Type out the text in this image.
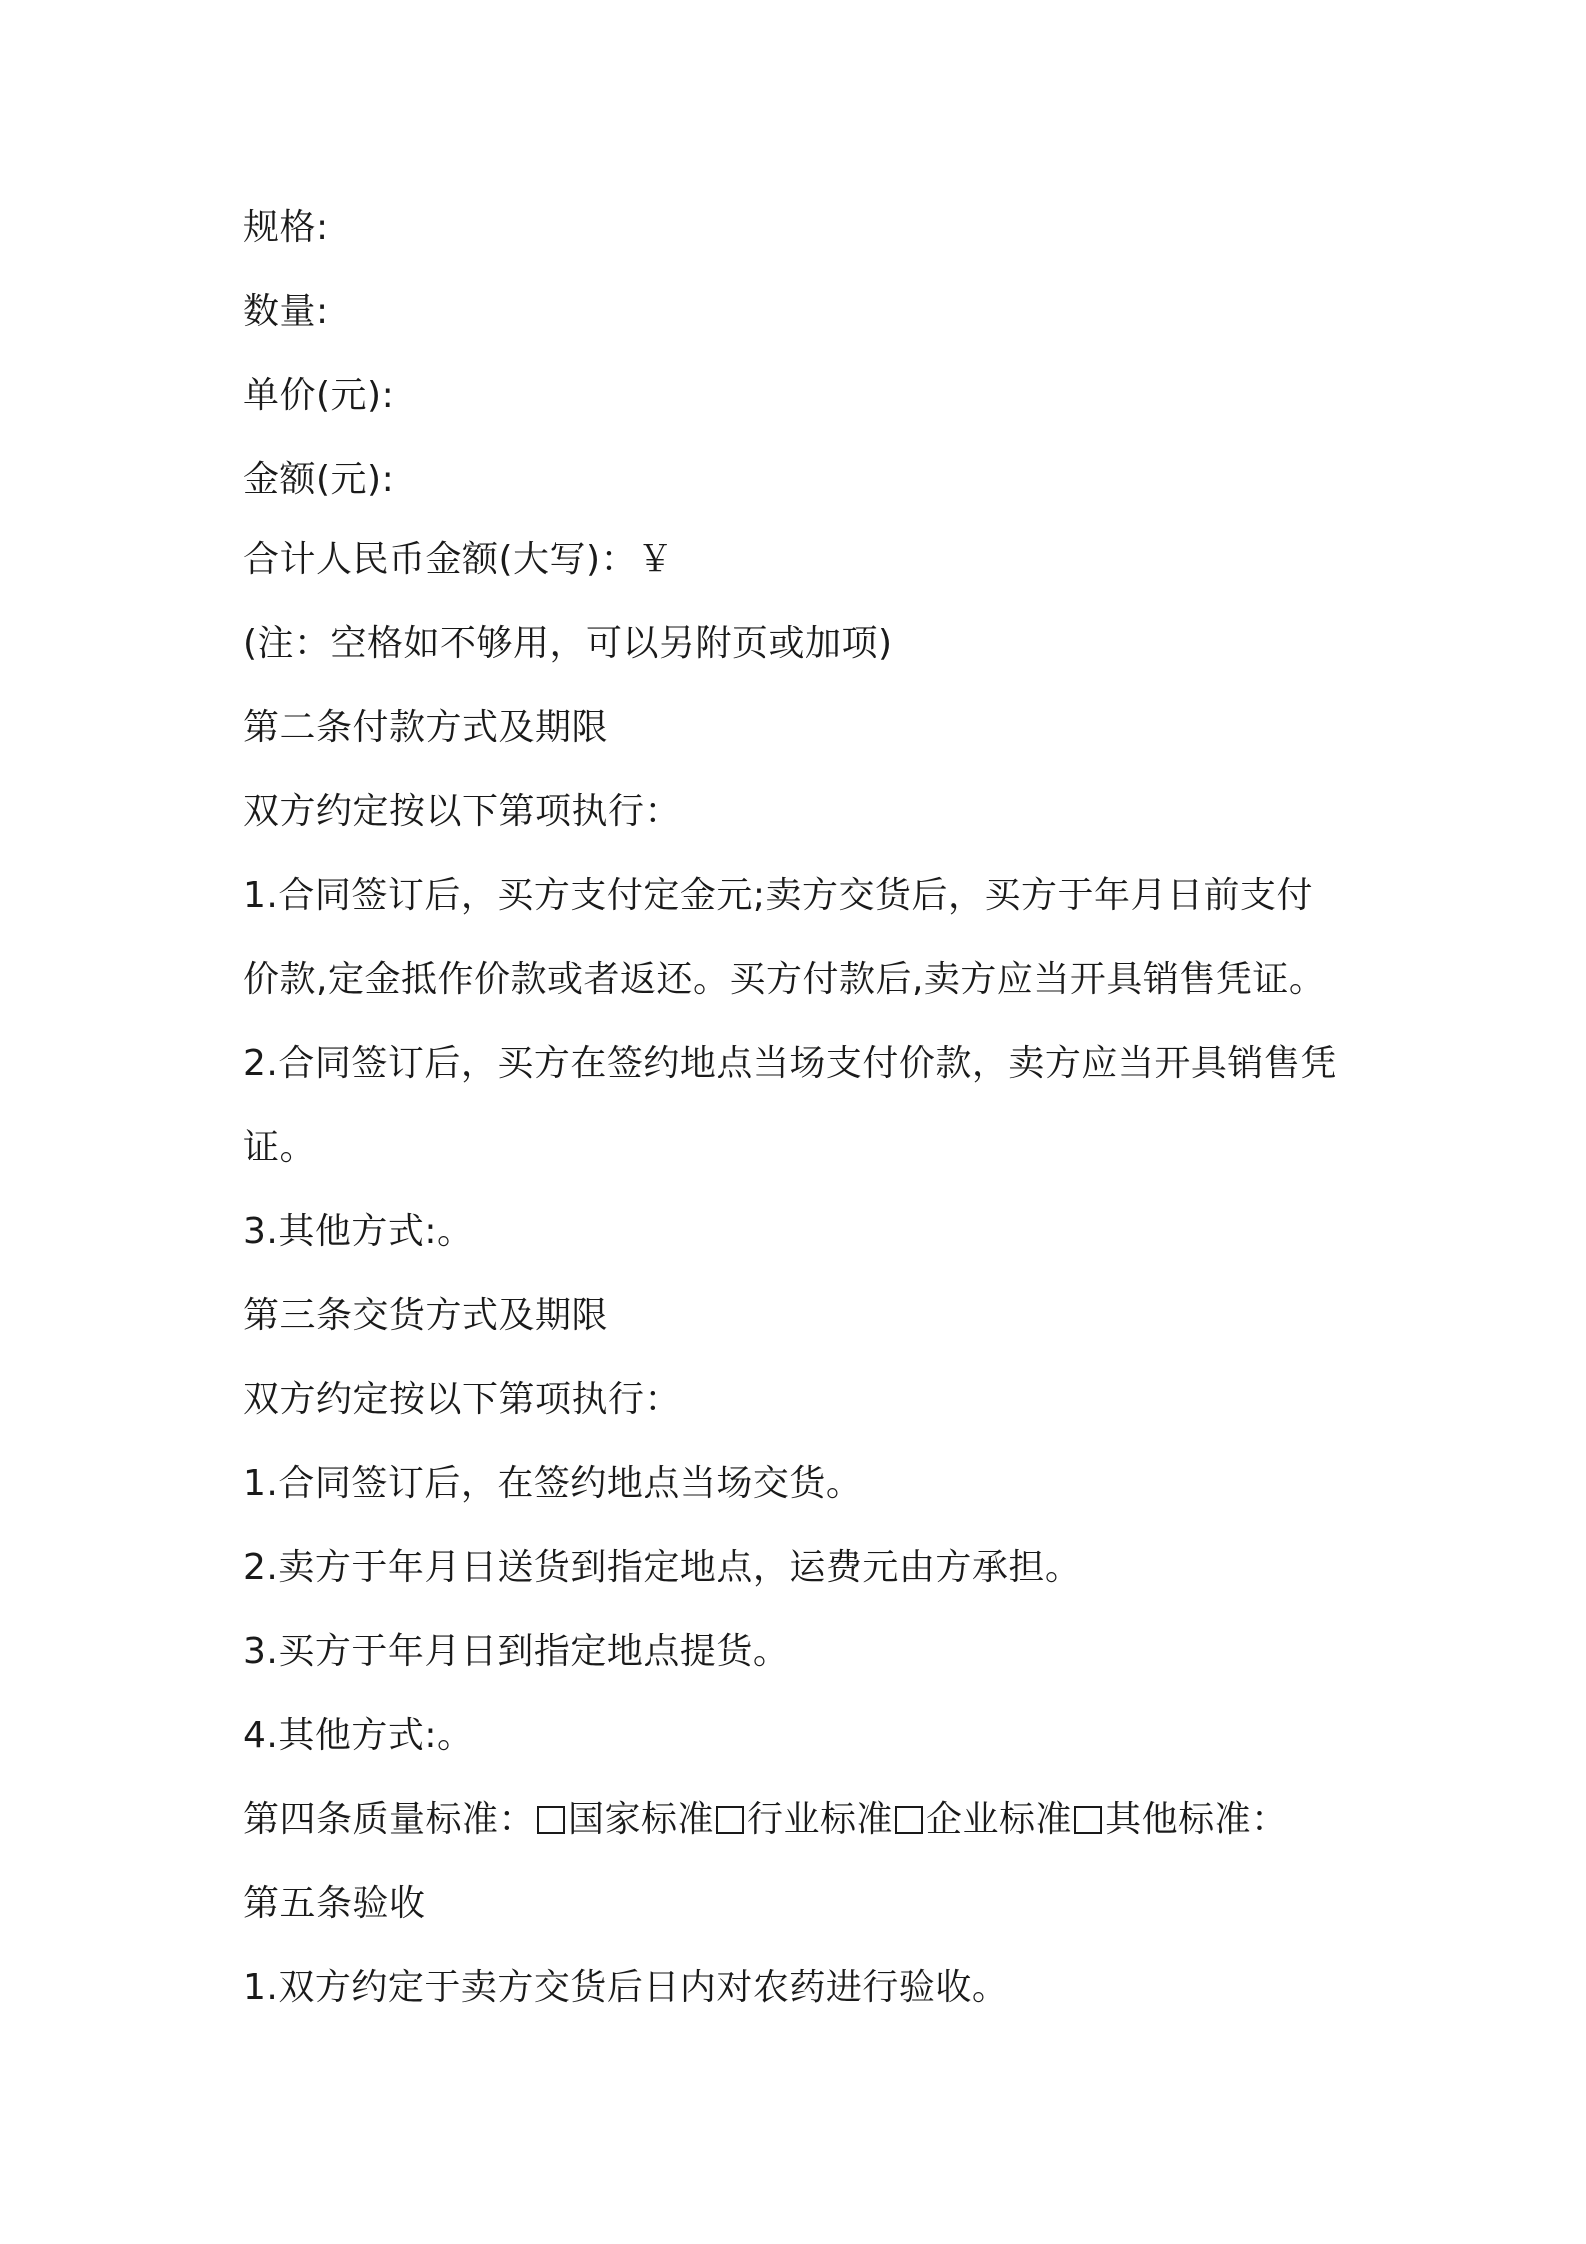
规格:
数量:
单价(元):
金额(元):
合计人民币金额(大写)：￥
(注：空格如不够用，可以另附页或加项)
第二条付款方式及期限
双方约定按以下第项执行：
1.合同签订后，买方支付定金元;卖方交货后，买方于年月日前支付
价款,定金抵作价款或者返还。买方付款后,卖方应当开具销售凭证。
2.合同签订后，买方在签约地点当场支付价款，卖方应当开具销售凭
证。
3.其他方式:。
第三条交货方式及期限
双方约定按以下第项执行：
1.合同签订后，在签约地点当场交货。
2.卖方于年月日送货到指定地点，运费元由方承担。
3.买方于年月日到指定地点提货。
4.其他方式:。
第四条质量标准： 国家标准 行业标准 企业标准 其他标准：
第五条验收
1.双方约定于卖方交货后日内对农药进行验收。
